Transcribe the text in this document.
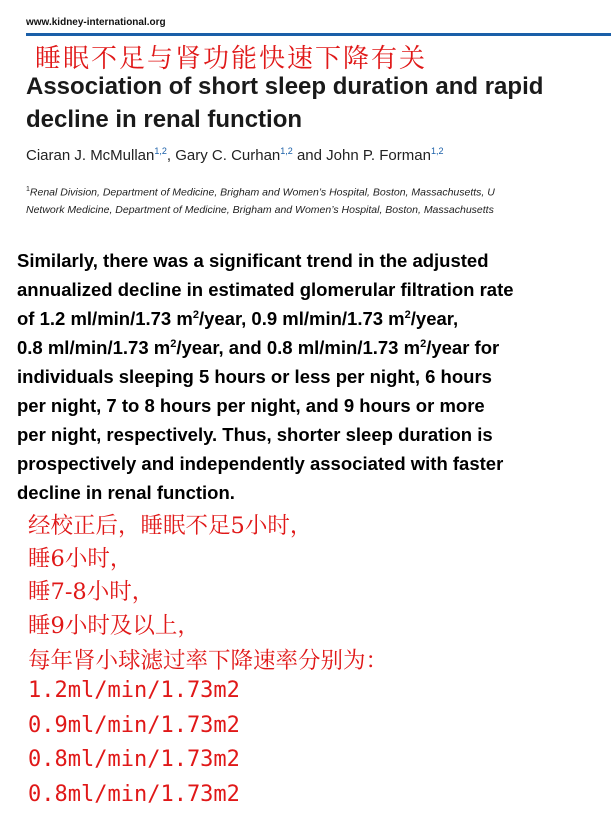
www.kidney-international.org
睡眠不足与肾功能快速下降有关
Association of short sleep duration and rapid
decline in renal function
Ciaran J. McMullan$^{1,2}$, Gary C. Curhan$^{1,2}$ and John P. Forman$^{1,2}$
$^1$Renal Division, Department of Medicine, Brigham and Women’s Hospital, Boston, Massachusetts, U
Network Medicine, Department of Medicine, Brigham and Women’s Hospital, Boston, Massachusetts
Similarly, there was a significant trend in the adjusted
annualized decline in estimated glomerular filtration rate
of 1.2 ml/min/1.73 $m^2$/year, 0.9 ml/min/1.73 $m^2$/year,
0.8 ml/min/1.73 $m^2$/year, and 0.8 ml/min/1.73 $m^2$/year for
individuals sleeping 5 hours or less per night, 6 hours
per night, 7 to 8 hours per night, and 9 hours or more
per night, respectively. Thus, shorter sleep duration is
prospectively and independently associated with faster
decline in renal function.
经校正后，睡眠不足5小时，
睡6小时，
睡7-8小时，
睡9小时及以上，
每年肾小球滤过率下降速率分别为：
1.2ml/min/1.73m2
0.9ml/min/1.73m2
0.8ml/min/1.73m2
0.8ml/min/1.73m2
